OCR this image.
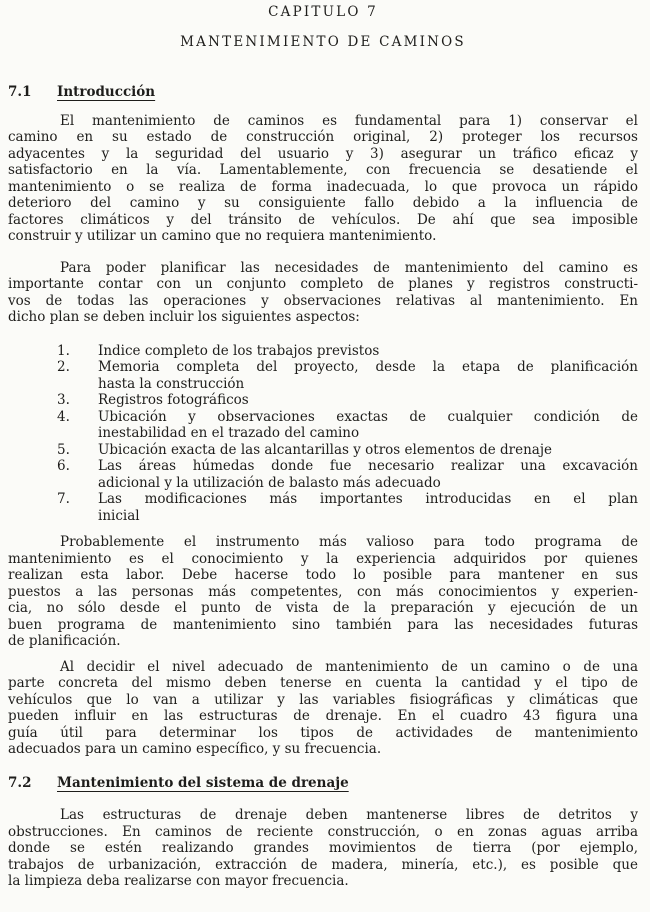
CAPITULO 7
MANTENIMIENTO DE CAMINOS
7.1 Introducción
El mantenimiento de caminos es fundamental para 1) conservar el
camino en su estado de construcción original, 2) proteger los recursos
adyacentes y la seguridad del usuario y 3) asegurar un tráfico eficaz y
satisfactorio en la vía. Lamentablemente, con frecuencia se desatiende el
mantenimiento o se realiza de forma inadecuada, lo que provoca un rápido
deterioro del camino y su consiguiente fallo debido a la influencia de
factores climáticos y del tránsito de vehículos. De ahí que sea imposible
construir y utilizar un camino que no requiera mantenimiento.
Para poder planificar las necesidades de mantenimiento del camino es
importante contar con un conjunto completo de planes y registros constructi-
vos de todas las operaciones y observaciones relativas al mantenimiento. En
dicho plan se deben incluir los siguientes aspectos:
1. Indice completo de los trabajos previstos
2. Memoria completa del proyecto, desde la etapa de planificación
hasta la construcción
3. Registros fotográficos
4. Ubicación y observaciones exactas de cualquier condición de
inestabilidad en el trazado del camino
5. Ubicación exacta de las alcantarillas y otros elementos de drenaje
6. Las áreas húmedas donde fue necesario realizar una excavación
adicional y la utilización de balasto más adecuado
7. Las modificaciones más importantes introducidas en el plan
inicial
Probablemente el instrumento más valioso para todo programa de
mantenimiento es el conocimiento y la experiencia adquiridos por quienes
realizan esta labor. Debe hacerse todo lo posible para mantener en sus
puestos a las personas más competentes, con más conocimientos y experien-
cia, no sólo desde el punto de vista de la preparación y ejecución de un
buen programa de mantenimiento sino también para las necesidades futuras
de planificación.
Al decidir el nivel adecuado de mantenimiento de un camino o de una
parte concreta del mismo deben tenerse en cuenta la cantidad y el tipo de
vehículos que lo van a utilizar y las variables fisiográficas y climáticas que
pueden influir en las estructuras de drenaje. En el cuadro 43 figura una
guía útil para determinar los tipos de actividades de mantenimiento
adecuados para un camino específico, y su frecuencia.
7.2 Mantenimiento del sistema de drenaje
Las estructuras de drenaje deben mantenerse libres de detritos y
obstrucciones. En caminos de reciente construcción, o en zonas aguas arriba
donde se estén realizando grandes movimientos de tierra (por ejemplo,
trabajos de urbanización, extracción de madera, minería, etc.), es posible que
la limpieza deba realizarse con mayor frecuencia.
